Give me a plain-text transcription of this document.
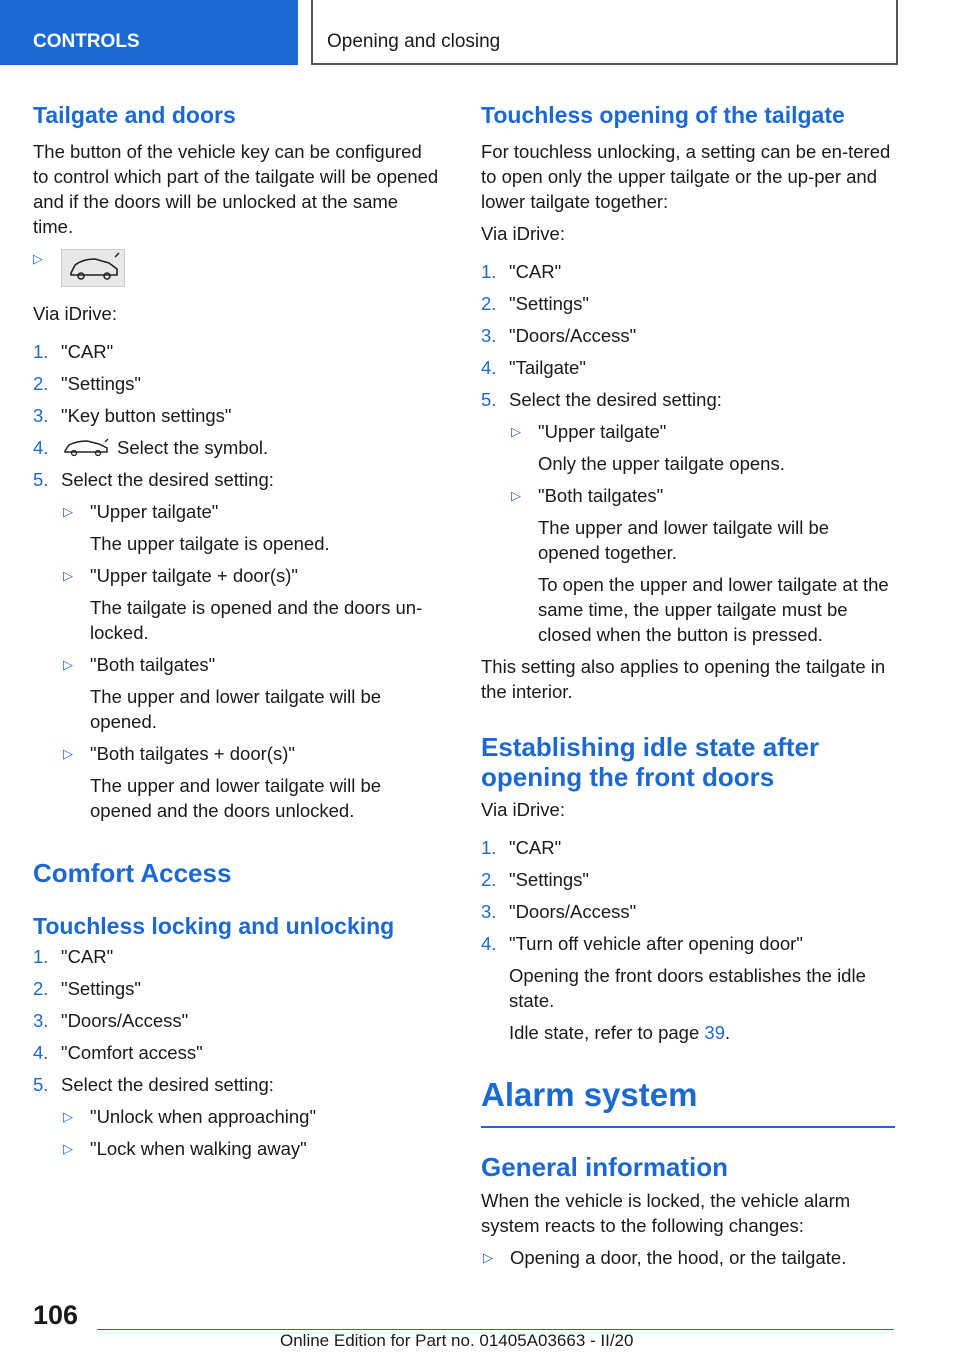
CONTROLS	Opening and closing
Tailgate and doors

The button of the vehicle key can be configured to control which part of the tailgate will be opened and if the doors will be unlocked at the same time.

▷

Via iDrive:

1. "CAR"
2. "Settings"
3. "Key button settings"
4.	Select the symbol.
5. Select the desired setting:
▷ "Upper tailgate"
The upper tailgate is opened.
▷ "Upper tailgate + door(s)"
The tailgate is opened and the doors un-locked.
▷ "Both tailgates"
The upper and lower tailgate will be opened.
▷ "Both tailgates + door(s)"
The upper and lower tailgate will be opened and the doors unlocked.
Comfort Access
Touchless locking and unlocking
1. "CAR"
2. "Settings"
3. "Doors/Access"
4. "Comfort access"
5. Select the desired setting:
▷ "Unlock when approaching"
▷ "Lock when walking away"
Touchless opening of the tailgate

For touchless unlocking, a setting can be en-tered to open only the upper tailgate or the up-per and lower tailgate together:

Via iDrive:

1. "CAR"
2. "Settings"
3. "Doors/Access"
4. "Tailgate"
5. Select the desired setting:
▷ "Upper tailgate"
Only the upper tailgate opens.
▷ "Both tailgates"
The upper and lower tailgate will be opened together.
To open the upper and lower tailgate at the same time, the upper tailgate must be closed when the button is pressed.

This setting also applies to opening the tailgate in the interior.

Establishing idle state after opening the front doors

Via iDrive:

1. "CAR"
2. "Settings"
3. "Doors/Access"
4. "Turn off vehicle after opening door"
Opening the front doors establishes the idle state.
Idle state, refer to page 39.
Alarm system
General information

When the vehicle is locked, the vehicle alarm system reacts to the following changes:

▷ Opening a door, the hood, or the tailgate.
106
Online Edition for Part no. 01405A03663 - II/20
